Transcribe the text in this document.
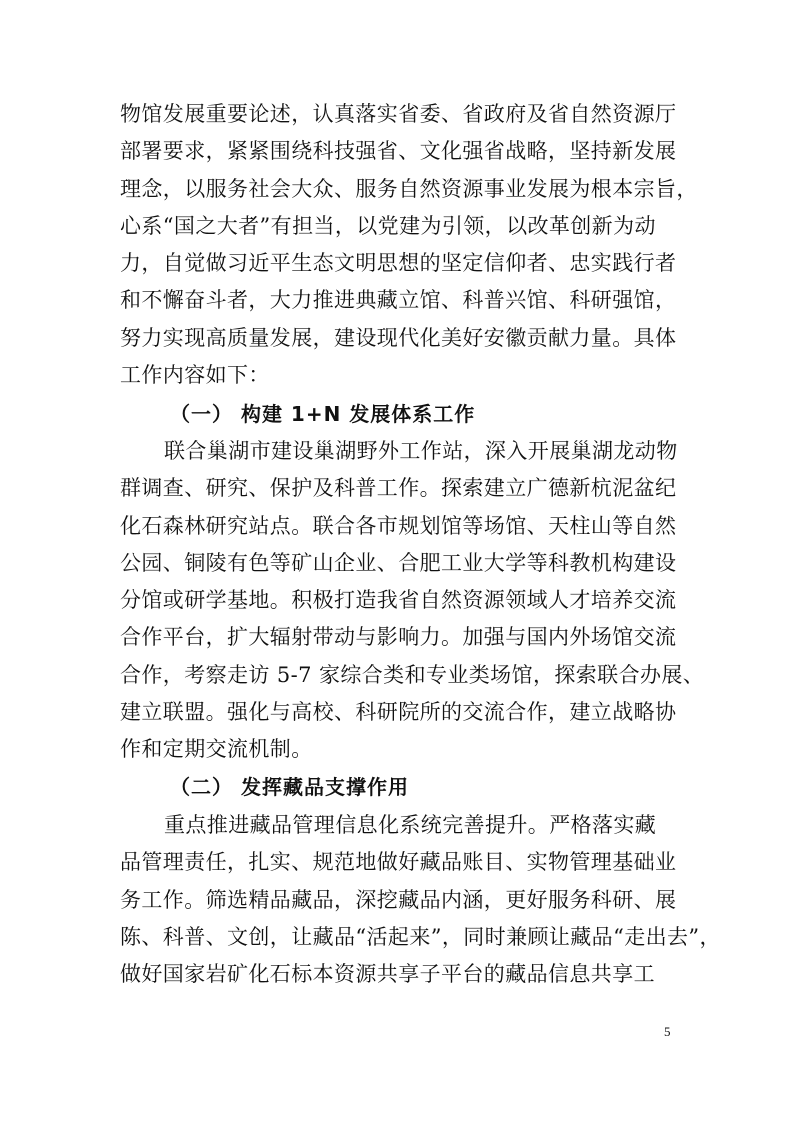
物馆发展重要论述，认真落实省委、省政府及省自然资源厅
部署要求，紧紧围绕科技强省、文化强省战略，坚持新发展
理念，以服务社会大众、服务自然资源事业发展为根本宗旨，
心系“国之大者”有担当，以党建为引领，以改革创新为动
力，自觉做习近平生态文明思想的坚定信仰者、忠实践行者
和不懈奋斗者，大力推进典藏立馆、科普兴馆、科研强馆，
努力实现高质量发展，建设现代化美好安徽贡献力量。具体
工作内容如下：
（一） 构建 1+N 发展体系工作
联合巢湖市建设巢湖野外工作站，深入开展巢湖龙动物
群调查、研究、保护及科普工作。探索建立广德新杭泥盆纪
化石森林研究站点。联合各市规划馆等场馆、天柱山等自然
公园、铜陵有色等矿山企业、合肥工业大学等科教机构建设
分馆或研学基地。积极打造我省自然资源领域人才培养交流
合作平台，扩大辐射带动与影响力。加强与国内外场馆交流
合作，考察走访 5-7 家综合类和专业类场馆，探索联合办展、
建立联盟。强化与高校、科研院所的交流合作，建立战略协
作和定期交流机制。
（二） 发挥藏品支撑作用
重点推进藏品管理信息化系统完善提升。严格落实藏
品管理责任，扎实、规范地做好藏品账目、实物管理基础业
务工作。筛选精品藏品，深挖藏品内涵，更好服务科研、展
陈、科普、文创，让藏品“活起来”，同时兼顾让藏品“走出去”，
做好国家岩矿化石标本资源共享子平台的藏品信息共享工
5
